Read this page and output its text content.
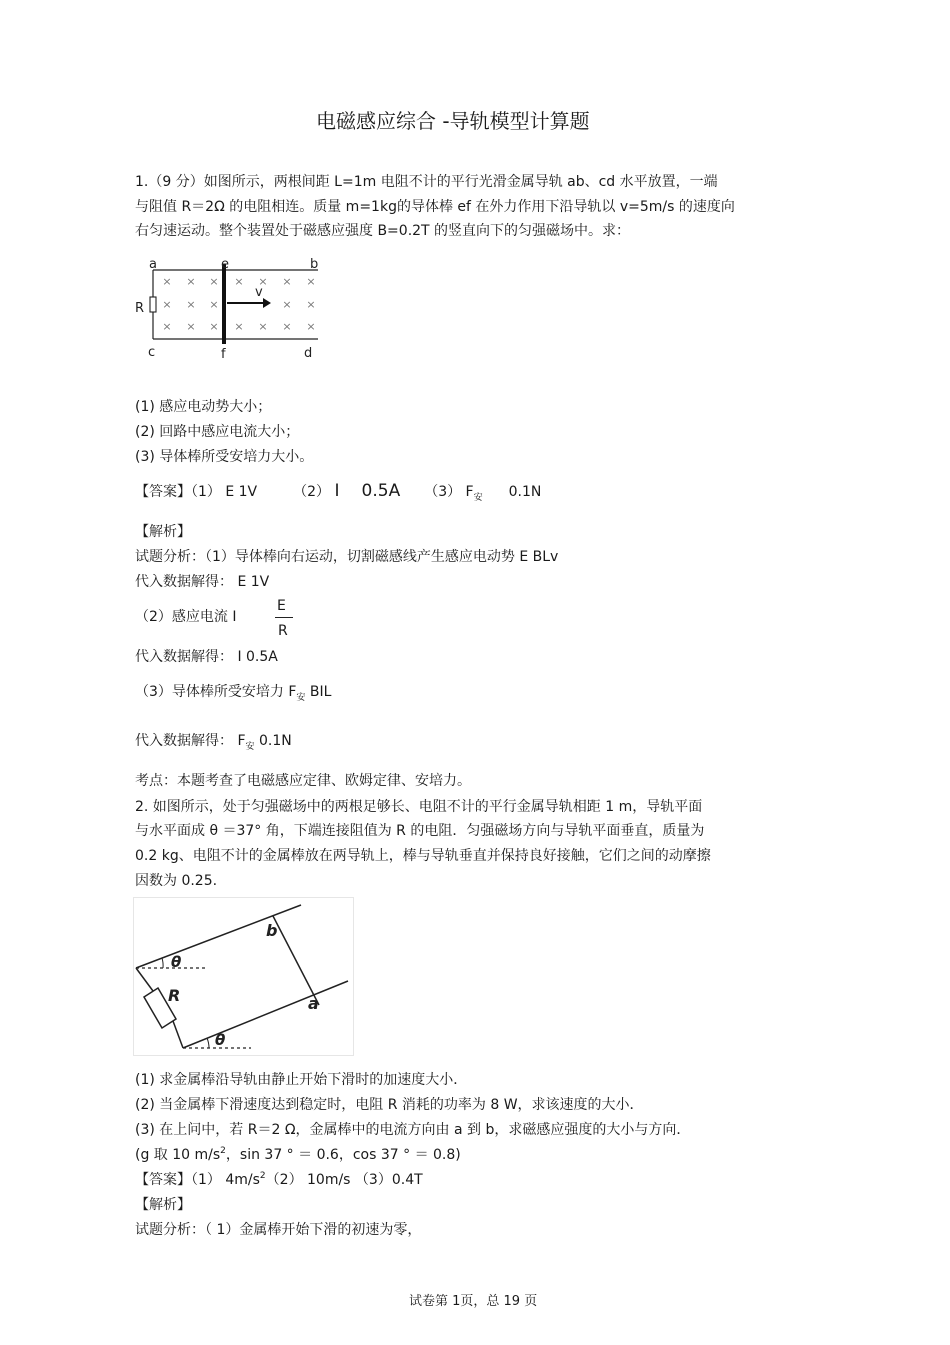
电磁感应综合 -导轨模型计算题
1.（9 分）如图所示，两根间距 L=1m 电阻不计的平行光滑金属导轨 ab、cd 水平放置，一端
与阻值 R＝2Ω 的电阻相连。质量 m=1kg的导体棒 ef 在外力作用下沿导轨以 v=5m/s 的速度向
右匀速运动。整个装置处于磁感应强度 B=0.2T 的竖直向下的匀强磁场中。求：
× × × × × × ×
× × ×	× ×
× × × × × × ×
a	e	b
R
v
c	f	d
(1) 感应电动势大小；
(2) 回路中感应电流大小；
(3) 导体棒所受安培力大小。
【答案】（1） E 1V	（2） I 0.5A （3） $F_安$ 0.1N
【解析】
试题分析：（1）导体棒向右运动，切割磁感线产生感应电动势 E BLv
代入数据解得： E 1V
（2）感应电流 I
E
R
代入数据解得： I 0.5A
（3）导体棒所受安培力 $F_安$ BIL
代入数据解得： $F_安$ 0.1N
考点：本题考查了电磁感应定律、欧姆定律、安培力。
2. 如图所示，处于匀强磁场中的两根足够长、电阻不计的平行金属导轨相距 1 m，导轨平面
与水平面成 θ ＝37° 角，下端连接阻值为 R 的电阻．匀强磁场方向与导轨平面垂直，质量为
0.2 kg、电阻不计的金属棒放在两导轨上，棒与导轨垂直并保持良好接触，它们之间的动摩擦
因数为 0.25.
b
a
R
θ
θ
(1) 求金属棒沿导轨由静止开始下滑时的加速度大小．
(2) 当金属棒下滑速度达到稳定时，电阻 R 消耗的功率为 8 W，求该速度的大小．
(3) 在上问中，若 R＝2 Ω，金属棒中的电流方向由 a 到 b，求磁感应强度的大小与方向．
(g 取 10 $m/s^2$，sin 37 ° ＝ 0.6，cos 37 ° ＝ 0.8)
【答案】（1） $4m/s^2(2)$ 10m/s （3）0.4T
【解析】
试题分析：（ 1）金属棒开始下滑的初速为零，
试卷第 1页，总 19 页
